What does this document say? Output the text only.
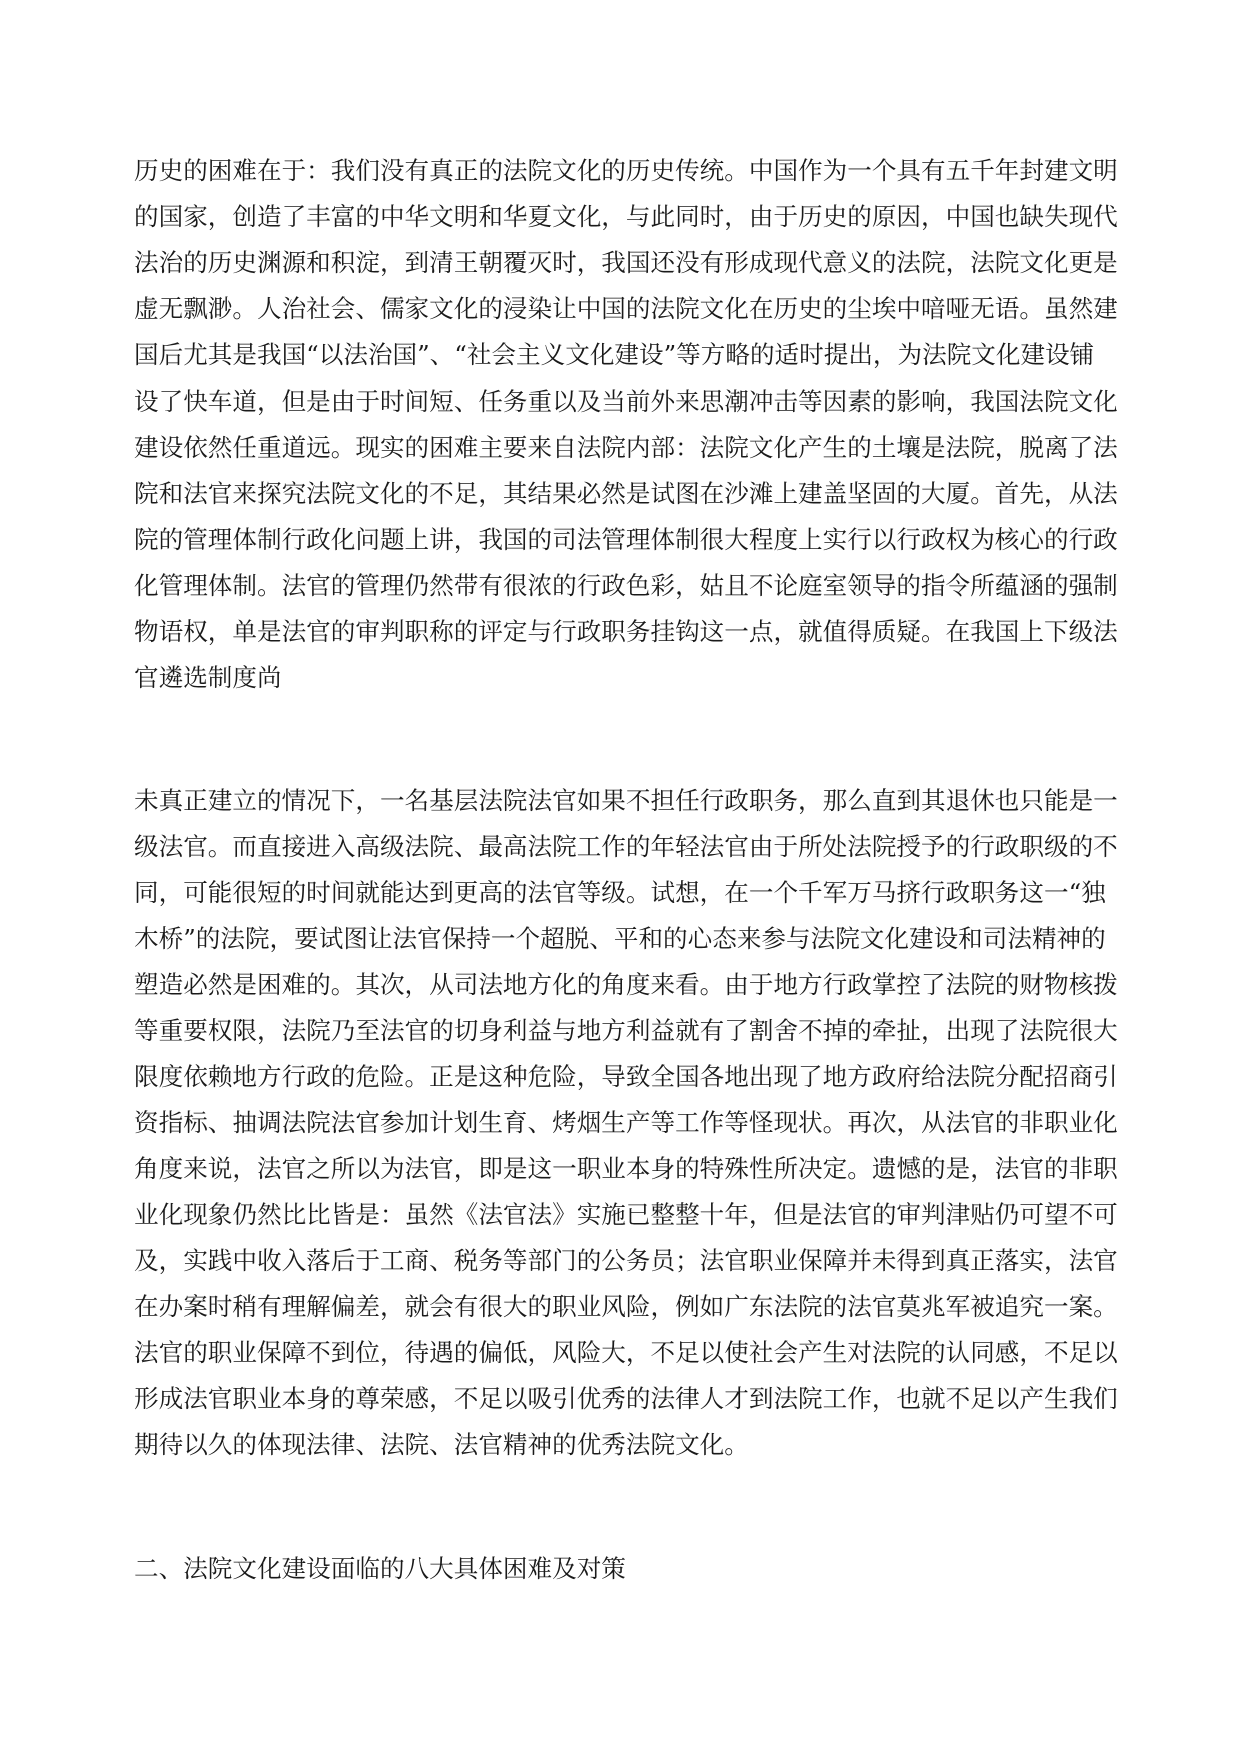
历史的困难在于：我们没有真正的法院文化的历史传统。中国作为一个具有五千年封建文明

的国家，创造了丰富的中华文明和华夏文化，与此同时，由于历史的原因，中国也缺失现代

法治的历史渊源和积淀，到清王朝覆灭时，我国还没有形成现代意义的法院，法院文化更是

虚无飘渺。人治社会、儒家文化的浸染让中国的法院文化在历史的尘埃中喑哑无语。虽然建

国后尤其是我国“以法治国”、“社会主义文化建设”等方略的适时提出，为法院文化建设铺

设了快车道，但是由于时间短、任务重以及当前外来思潮冲击等因素的影响，我国法院文化

建设依然任重道远。现实的困难主要来自法院内部：法院文化产生的土壤是法院，脱离了法

院和法官来探究法院文化的不足，其结果必然是试图在沙滩上建盖坚固的大厦。首先，从法

院的管理体制行政化问题上讲，我国的司法管理体制很大程度上实行以行政权为核心的行政

化管理体制。法官的管理仍然带有很浓的行政色彩，姑且不论庭室领导的指令所蕴涵的强制

物语权，单是法官的审判职称的评定与行政职务挂钩这一点，就值得质疑。在我国上下级法

官遴选制度尚

未真正建立的情况下，一名基层法院法官如果不担任行政职务，那么直到其退休也只能是一

级法官。而直接进入高级法院、最高法院工作的年轻法官由于所处法院授予的行政职级的不

同，可能很短的时间就能达到更高的法官等级。试想，在一个千军万马挤行政职务这一“独

木桥”的法院，要试图让法官保持一个超脱、平和的心态来参与法院文化建设和司法精神的

塑造必然是困难的。其次，从司法地方化的角度来看。由于地方行政掌控了法院的财物核拨

等重要权限，法院乃至法官的切身利益与地方利益就有了割舍不掉的牵扯，出现了法院很大

限度依赖地方行政的危险。正是这种危险，导致全国各地出现了地方政府给法院分配招商引

资指标、抽调法院法官参加计划生育、烤烟生产等工作等怪现状。再次，从法官的非职业化

角度来说，法官之所以为法官，即是这一职业本身的特殊性所决定。遗憾的是，法官的非职

业化现象仍然比比皆是：虽然《法官法》实施已整整十年，但是法官的审判津贴仍可望不可

及，实践中收入落后于工商、税务等部门的公务员；法官职业保障并未得到真正落实，法官

在办案时稍有理解偏差，就会有很大的职业风险，例如广东法院的法官莫兆军被追究一案。

法官的职业保障不到位，待遇的偏低，风险大，不足以使社会产生对法院的认同感，不足以

形成法官职业本身的尊荣感，不足以吸引优秀的法律人才到法院工作，也就不足以产生我们

期待以久的体现法律、法院、法官精神的优秀法院文化。

二、法院文化建设面临的八大具体困难及对策
